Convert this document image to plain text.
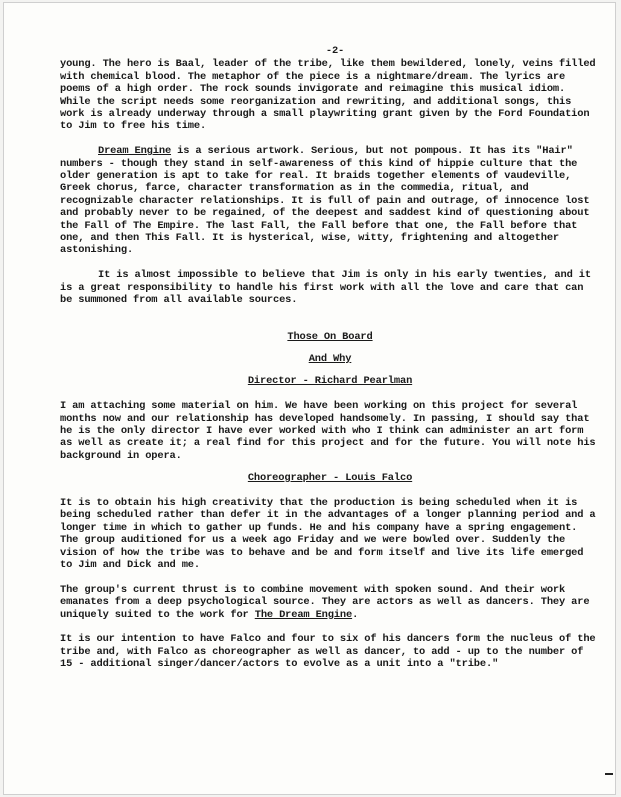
-2-

young. The hero is Baal, leader of the tribe, like them bewildered, lonely, veins filled with chemical blood. The metaphor of the piece is a nightmare/dream. The lyrics are poems of a high order. The rock sounds invigorate and reimagine this musical idiom. While the script needs some reorganization and rewriting, and additional songs, this work is already underway through a small playwriting grant given by the Ford Foundation to Jim to free his time.

Dream Engine is a serious artwork. Serious, but not pompous. It has its "Hair" numbers - though they stand in self-awareness of this kind of hippie culture that the older generation is apt to take for real. It braids together elements of vaudeville, Greek chorus, farce, character transformation as in the commedia, ritual, and recognizable character relationships. It is full of pain and outrage, of innocence lost and probably never to be regained, of the deepest and saddest kind of questioning about the Fall of The Empire. The last Fall, the Fall before that one, the Fall before that one, and then This Fall. It is hysterical, wise, witty, frightening and altogether astonishing.

It is almost impossible to believe that Jim is only in his early twenties, and it is a great responsibility to handle his first work with all the love and care that can be summoned from all available sources.

Those On Board
And Why
Director - Richard Pearlman

I am attaching some material on him. We have been working on this project for several months now and our relationship has developed handsomely. In passing, I should say that he is the only director I have ever worked with who I think can administer an art form as well as create it; a real find for this project and for the future. You will note his background in opera.

Choreographer - Louis Falco

It is to obtain his high creativity that the production is being scheduled when it is being scheduled rather than defer it in the advantages of a longer planning period and a longer time in which to gather up funds. He and his company have a spring engagement. The group auditioned for us a week ago Friday and we were bowled over. Suddenly the vision of how the tribe was to behave and be and form itself and live its life emerged to Jim and Dick and me.

The group's current thrust is to combine movement with spoken sound. And their work emanates from a deep psychological source. They are actors as well as dancers. They are uniquely suited to the work for The Dream Engine.

It is our intention to have Falco and four to six of his dancers form the nucleus of the tribe and, with Falco as choreographer as well as dancer, to add - up to the number of 15 - additional singer/dancer/actors to evolve as a unit into a "tribe."
